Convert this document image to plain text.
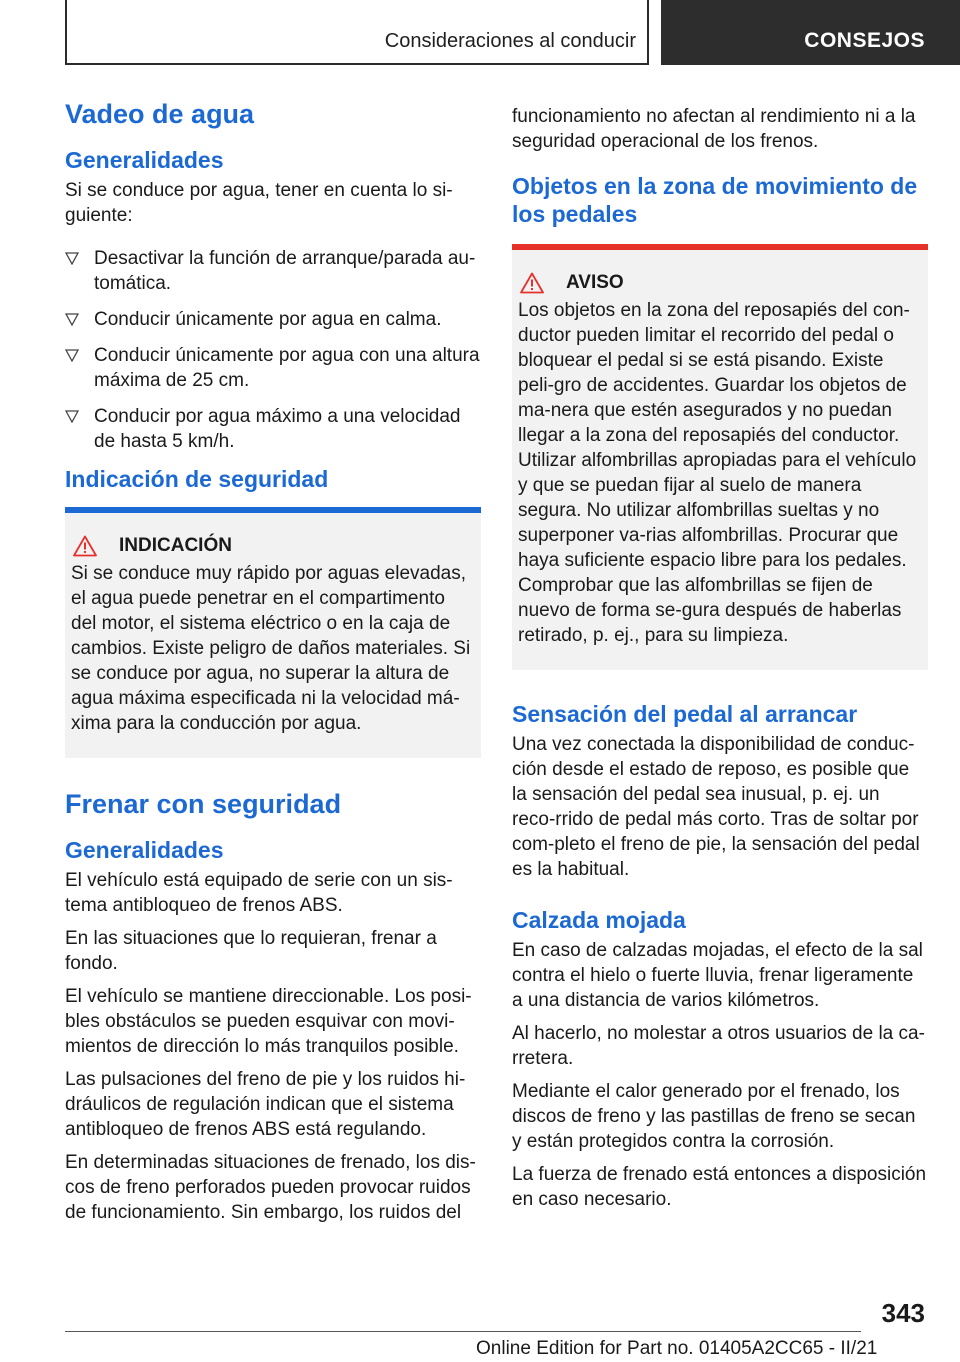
Consideraciones al conducir	CONSEJOS
Vadeo de agua
Generalidades

Si se conduce por agua, tener en cuenta lo si-guiente:

Desactivar la función de arranque/parada au-tomática.
Conducir únicamente por agua en calma.
Conducir únicamente por agua con una altura máxima de 25 cm.
Conducir por agua máximo a una velocidad de hasta 5 km/h.
Indicación de seguridad
INDICACIÓN

Si se conduce muy rápido por aguas elevadas, el agua puede penetrar en el compartimento del motor, el sistema eléctrico o en la caja de cambios. Existe peligro de daños materiales. Si se conduce por agua, no superar la altura de agua máxima especificada ni la velocidad má-xima para la conducción por agua.

Frenar con seguridad
Generalidades

El vehículo está equipado de serie con un sis-tema antibloqueo de frenos ABS.

En las situaciones que lo requieran, frenar a fondo.

El vehículo se mantiene direccionable. Los posi-bles obstáculos se pueden esquivar con movi-mientos de dirección lo más tranquilos posible.

Las pulsaciones del freno de pie y los ruidos hi-dráulicos de regulación indican que el sistema antibloqueo de frenos ABS está regulando.

En determinadas situaciones de frenado, los dis-cos de freno perforados pueden provocar ruidos de funcionamiento. Sin embargo, los ruidos del

funcionamiento no afectan al rendimiento ni a la seguridad operacional de los frenos.

Objetos en la zona de movimiento de los pedales
AVISO

Los objetos en la zona del reposapiés del con-ductor pueden limitar el recorrido del pedal o bloquear el pedal si se está pisando. Existe peli-gro de accidentes. Guardar los objetos de ma-nera que estén asegurados y no puedan llegar a la zona del reposapiés del conductor. Utilizar alfombrillas apropiadas para el vehículo y que se puedan fijar al suelo de manera segura. No utilizar alfombrillas sueltas y no superponer va-rias alfombrillas. Procurar que haya suficiente espacio libre para los pedales. Comprobar que las alfombrillas se fijen de nuevo de forma se-gura después de haberlas retirado, p. ej., para su limpieza.

Sensación del pedal al arrancar

Una vez conectada la disponibilidad de conduc-ción desde el estado de reposo, es posible que la sensación del pedal sea inusual, p. ej. un reco-rrido de pedal más corto. Tras de soltar por com-pleto el freno de pie, la sensación del pedal es la habitual.

Calzada mojada

En caso de calzadas mojadas, el efecto de la sal contra el hielo o fuerte lluvia, frenar ligeramente a una distancia de varios kilómetros.

Al hacerlo, no molestar a otros usuarios de la ca-rretera.

Mediante el calor generado por el frenado, los discos de freno y las pastillas de freno se secan y están protegidos contra la corrosión.

La fuerza de frenado está entonces a disposición en caso necesario.

343
Online Edition for Part no. 01405A2CC65 - II/21
